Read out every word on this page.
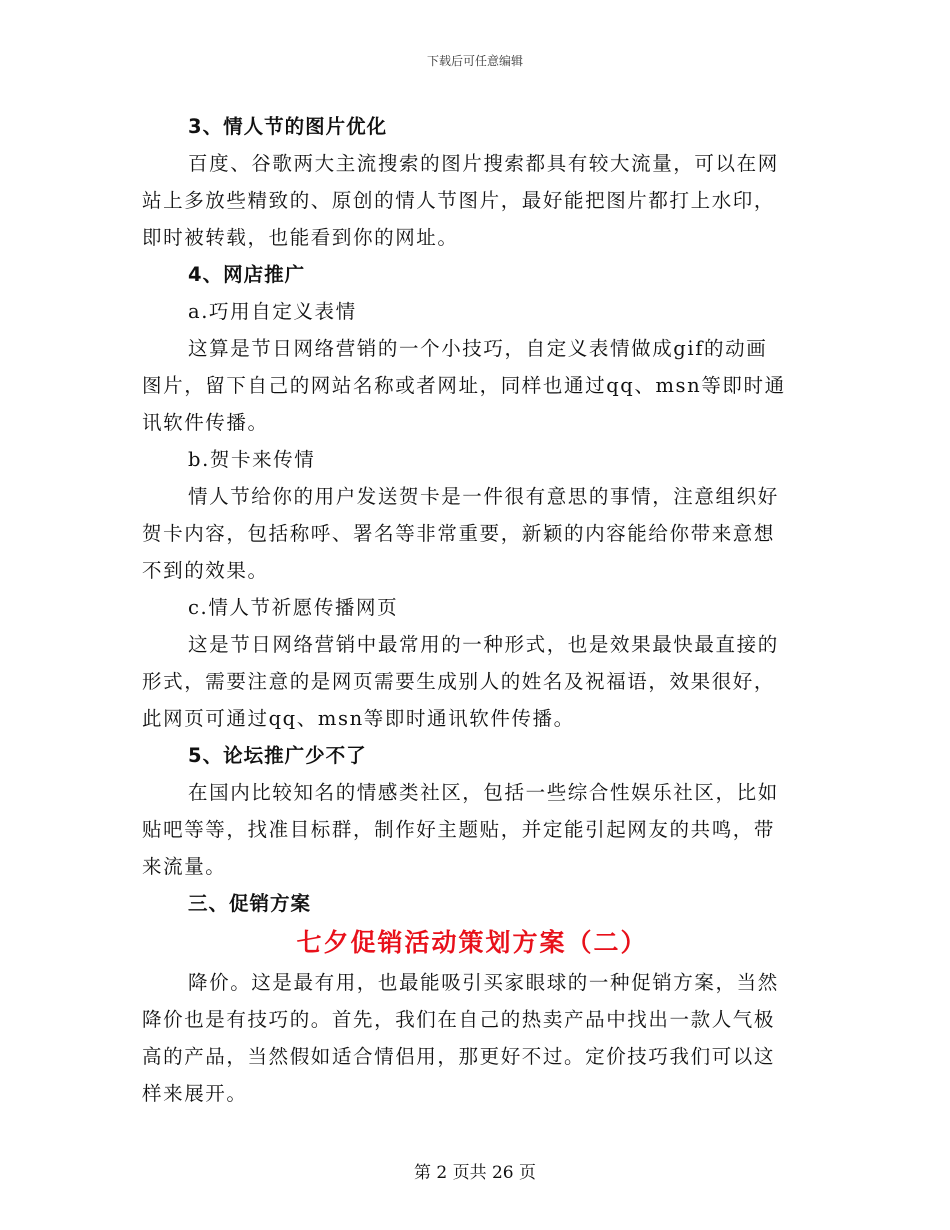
下载后可任意编辑
3、情人节的图片优化
百度、谷歌两大主流搜索的图片搜索都具有较大流量，可以在网
站上多放些精致的、原创的情人节图片，最好能把图片都打上水印，
即时被转载，也能看到你的网址。
4、网店推广
a.巧用自定义表情
这算是节日网络营销的一个小技巧，自定义表情做成gif的动画
图片，留下自己的网站名称或者网址，同样也通过qq、msn等即时通
讯软件传播。
b.贺卡来传情
情人节给你的用户发送贺卡是一件很有意思的事情，注意组织好
贺卡内容，包括称呼、署名等非常重要，新颖的内容能给你带来意想
不到的效果。
c.情人节祈愿传播网页
这是节日网络营销中最常用的一种形式，也是效果最快最直接的
形式，需要注意的是网页需要生成别人的姓名及祝福语，效果很好，
此网页可通过qq、msn等即时通讯软件传播。
5、论坛推广少不了
在国内比较知名的情感类社区，包括一些综合性娱乐社区，比如
贴吧等等，找准目标群，制作好主题贴，并定能引起网友的共鸣，带
来流量。
三、促销方案
七夕促销活动策划方案（二）
降价。这是最有用，也最能吸引买家眼球的一种促销方案，当然
降价也是有技巧的。首先，我们在自己的热卖产品中找出一款人气极
高的产品，当然假如适合情侣用，那更好不过。定价技巧我们可以这
样来展开。
第 2 页共 26 页
